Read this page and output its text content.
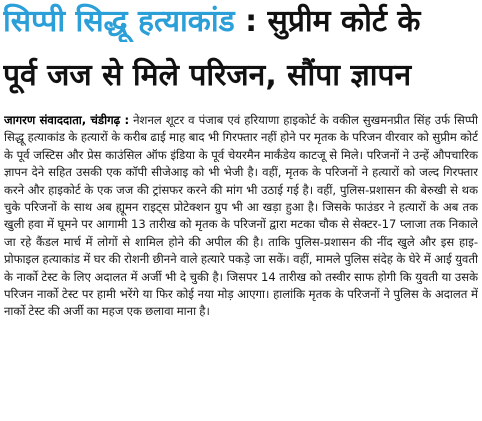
सिप्पी सिद्धू हत्याकांड : सुप्रीम कोर्ट के
पूर्व जज से मिले परिजन, सौंपा ज्ञापन
जागरण संवाददाता, चंडीगढ़ : नेशनल शूटर व पंजाब एवं हरियाणा हाइकोर्ट के वकील सुखमनप्रीत सिंह उर्फ सिप्पी सिद्धू हत्याकांड के हत्यारों के करीब ढाई माह बाद भी गिरफ्तार नहीं होने पर मृतक के परिजन वीरवार को सुप्रीम कोर्ट के पूर्व जस्टिस और प्रेस काउंसिल ऑफ इंडिया के पूर्व चेयरमैन मार्कंडेय काटजू से मिले। परिजनों ने उन्हें औपचारिक ज्ञापन देने सहित उसकी एक कॉपी सीजेआइ को भी भेजी है। वहीं, मृतक के परिजनों ने हत्यारों को जल्द गिरफ्तार करने और हाइकोर्ट के एक जज की ट्रांसफर करने की मांग भी उठाई गई है। वहीं, पुलिस-प्रशासन की बेरुखी से थक चुके परिजनों के साथ अब ह्यूमन राइट्स प्रोटेक्शन ग्रुप भी आ खड़ा हुआ है। जिसके फाउंडर ने हत्यारों के अब तक खुली हवा में घूमने पर आगामी 13 तारीख को मृतक के परिजनों द्वारा मटका चौक से सेक्टर-17 प्लाजा तक निकाले जा रहे कैंडल मार्च में लोगों से शामिल होने की अपील की है। ताकि पुलिस-प्रशासन की नींद खुले और इस हाइ-प्रोफाइल हत्याकांड में घर की रोशनी छीनने वाले हत्यारे पकड़े जा सकें। वहीं, मामले पुलिस संदेह के घेरे में आई युवती के नार्को टेस्ट के लिए अदालत में अर्जी भी दे चुकी है। जिसपर 14 तारीख को तस्वीर साफ होगी कि युवती या उसके परिजन नार्को टेस्ट पर हामी भरेंगे या फिर कोई नया मोड़ आएगा। हालांकि मृतक के परिजनों ने पुलिस के अदालत में नार्को टेस्ट की अर्जी का महज एक छलावा माना है।
